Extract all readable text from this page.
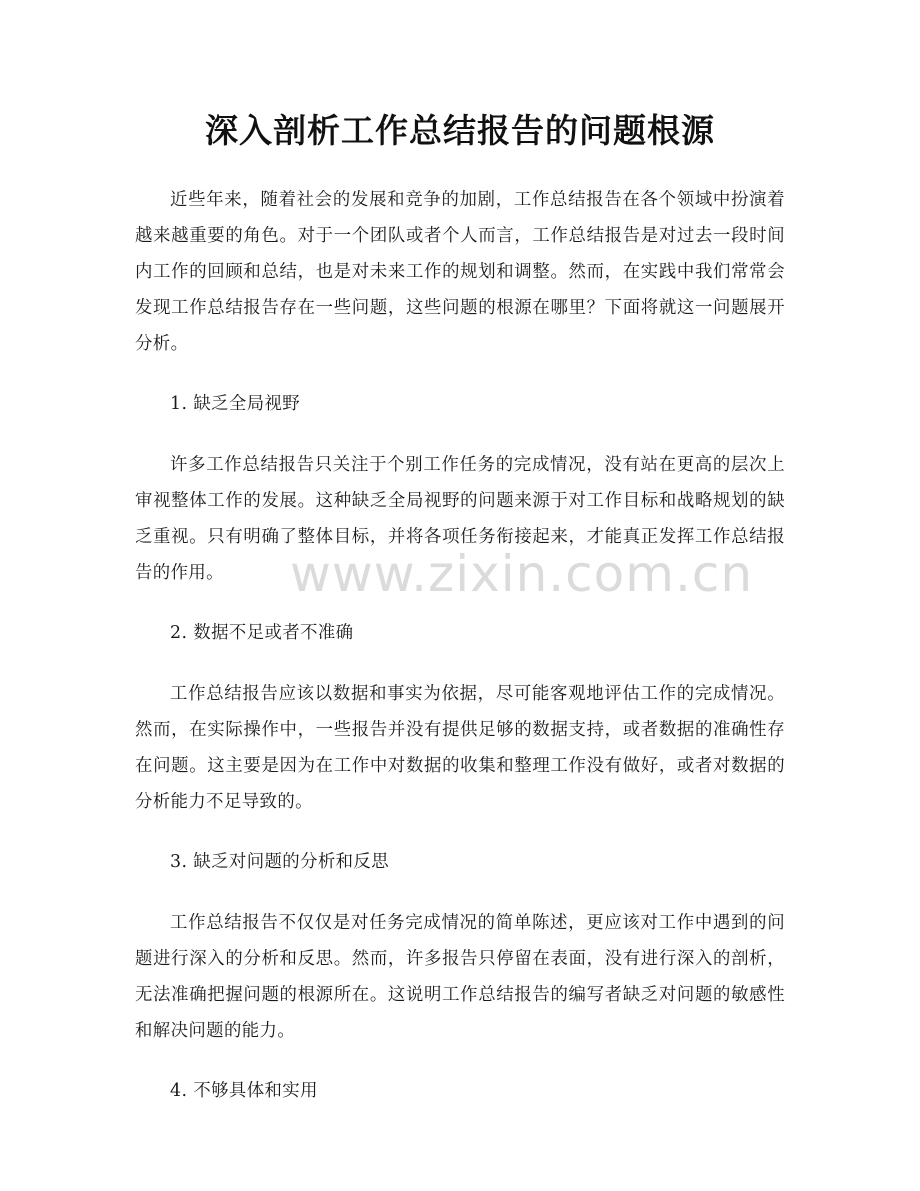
深入剖析工作总结报告的问题根源

近些年来，随着社会的发展和竞争的加剧，工作总结报告在各个领域中扮演着越来越重要的角色。对于一个团队或者个人而言，工作总结报告是对过去一段时间内工作的回顾和总结，也是对未来工作的规划和调整。然而，在实践中我们常常会发现工作总结报告存在一些问题，这些问题的根源在哪里？下面将就这一问题展开分析。

1. 缺乏全局视野

许多工作总结报告只关注于个别工作任务的完成情况，没有站在更高的层次上审视整体工作的发展。这种缺乏全局视野的问题来源于对工作目标和战略规划的缺乏重视。只有明确了整体目标，并将各项任务衔接起来，才能真正发挥工作总结报告的作用。

2. 数据不足或者不准确

工作总结报告应该以数据和事实为依据，尽可能客观地评估工作的完成情况。然而，在实际操作中，一些报告并没有提供足够的数据支持，或者数据的准确性存在问题。这主要是因为在工作中对数据的收集和整理工作没有做好，或者对数据的分析能力不足导致的。

3. 缺乏对问题的分析和反思

工作总结报告不仅仅是对任务完成情况的简单陈述，更应该对工作中遇到的问题进行深入的分析和反思。然而，许多报告只停留在表面，没有进行深入的剖析，无法准确把握问题的根源所在。这说明工作总结报告的编写者缺乏对问题的敏感性和解决问题的能力。

4. 不够具体和实用

www.zixin.com.cn
